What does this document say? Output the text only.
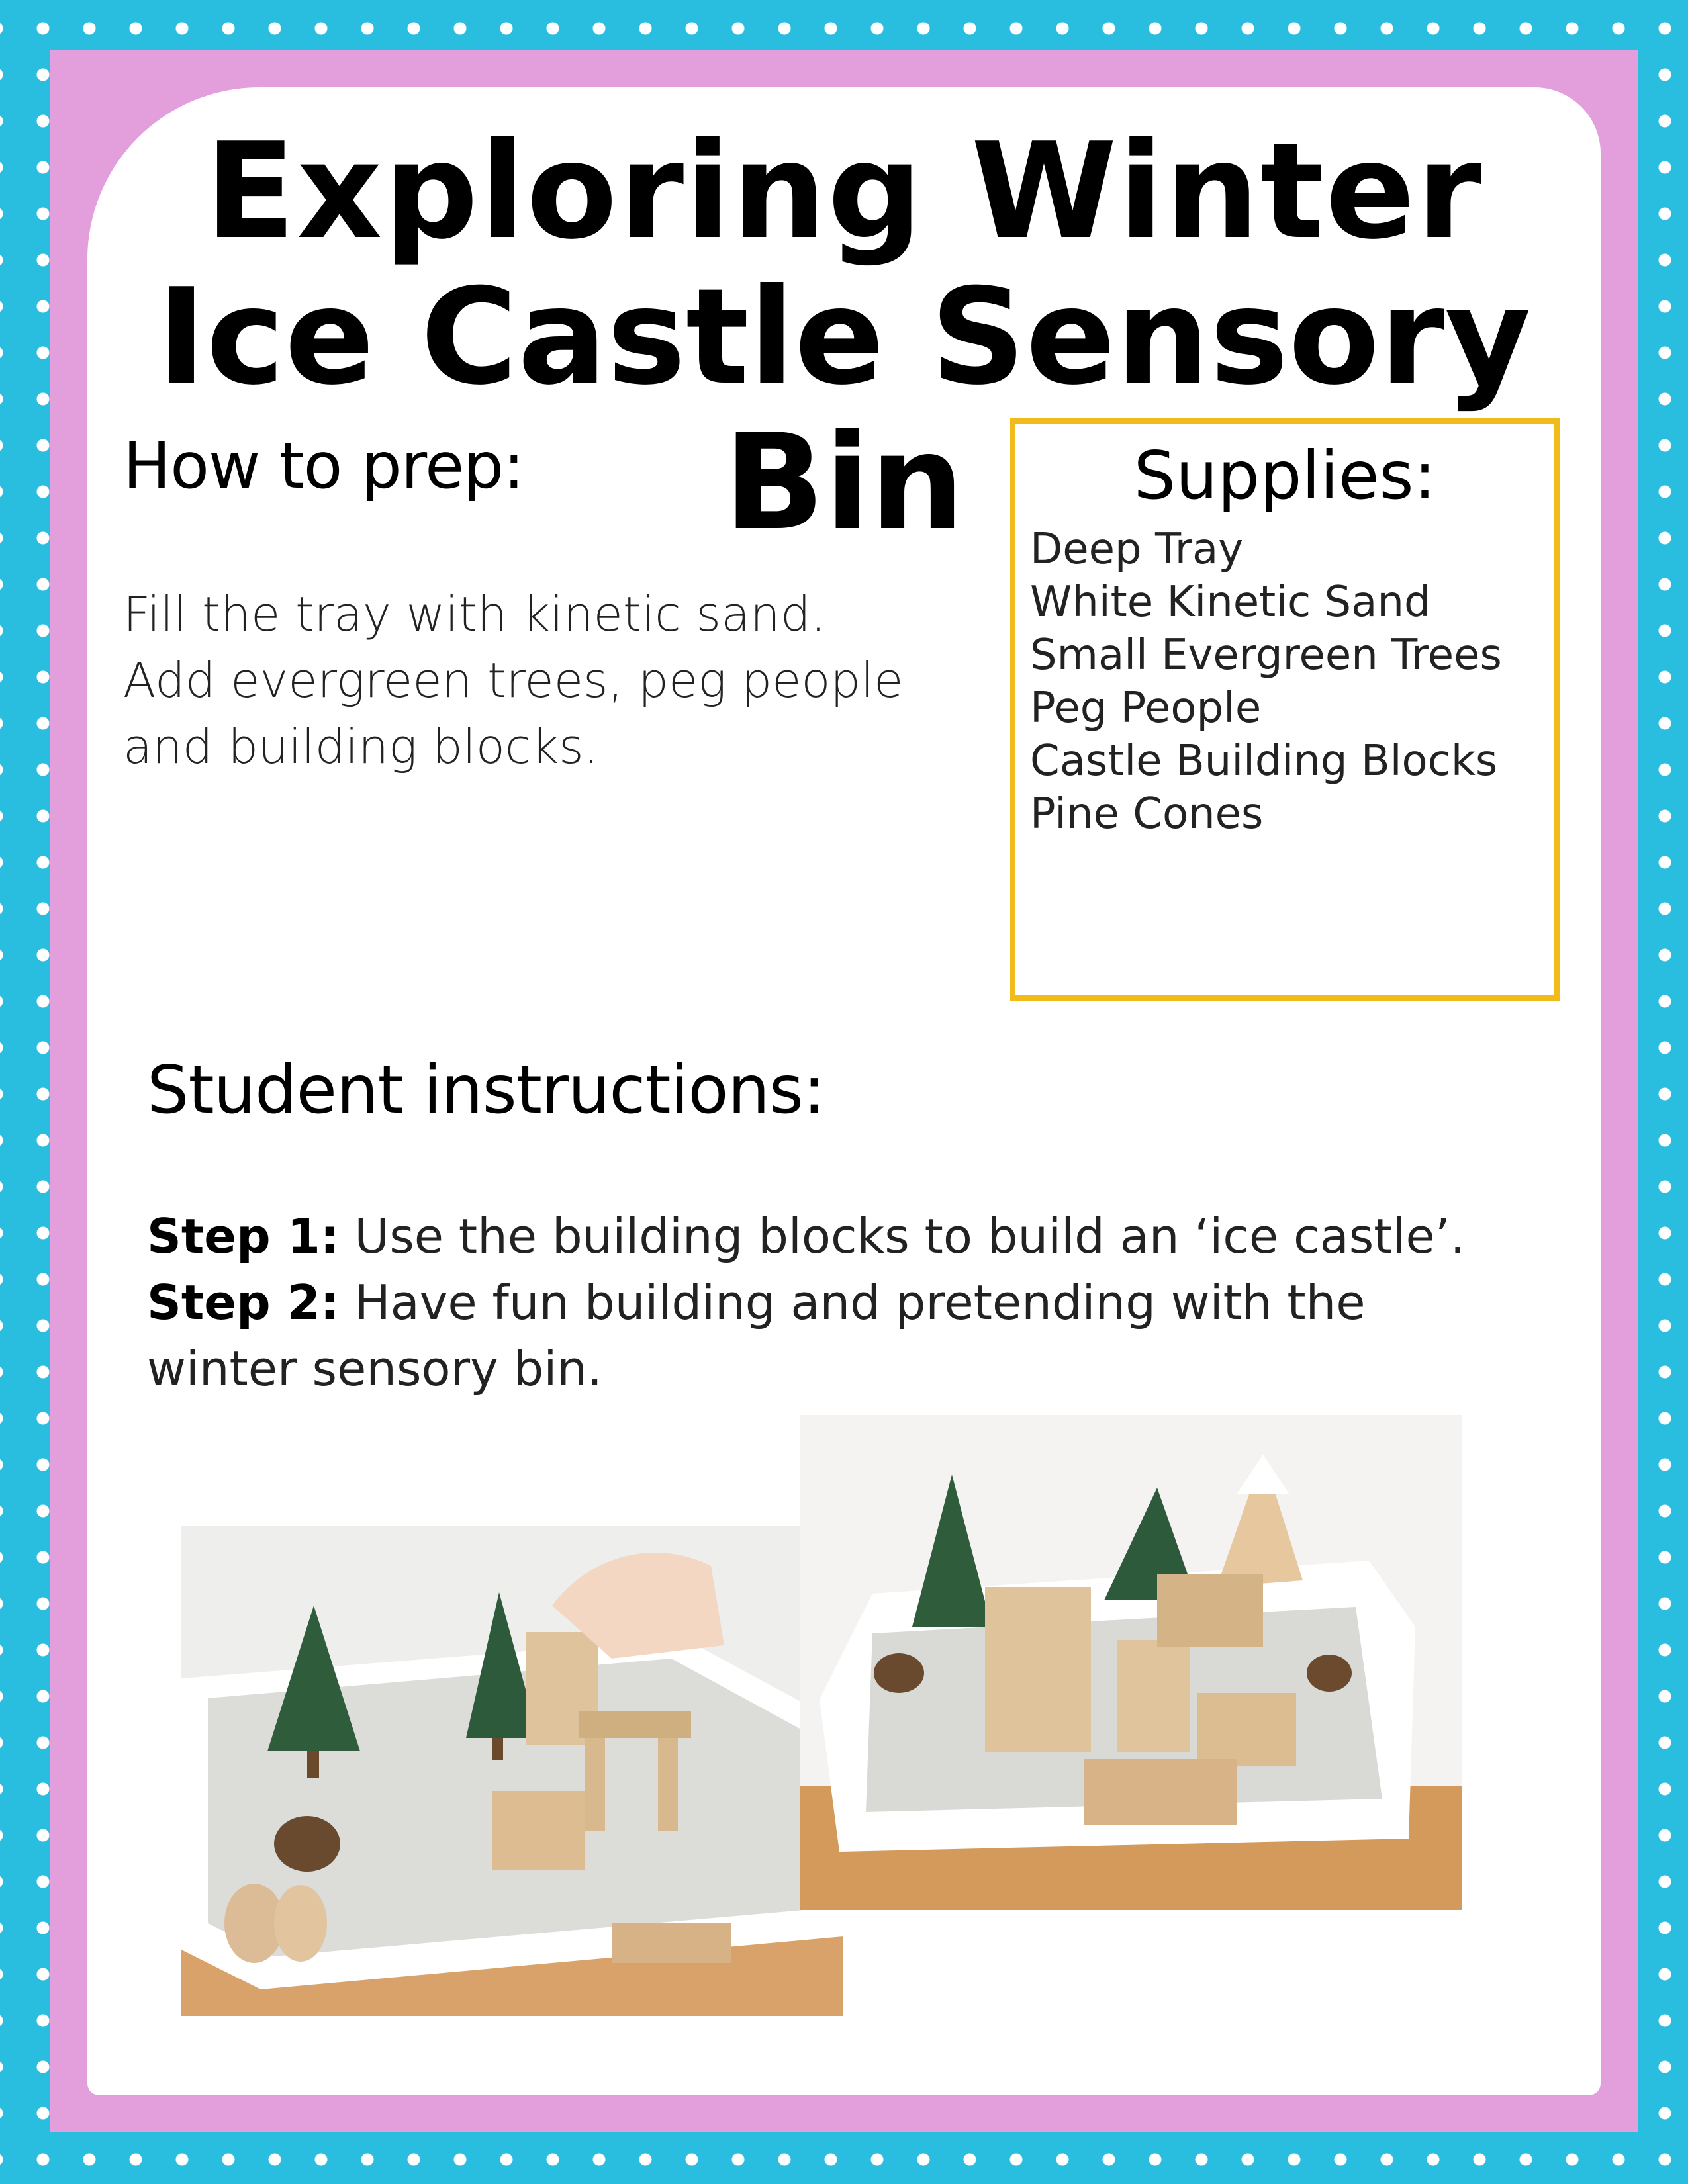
Exploring Winter
Ice Castle Sensory Bin
How to prep:
Fill the tray with kinetic sand.
Add evergreen trees, peg people
and building blocks.
Supplies:
Deep Tray
White Kinetic Sand
Small Evergreen Trees
Peg People
Castle Building Blocks
Pine Cones
Student instructions:
Step 1: Use the building blocks to build an ‘ice castle’.
Step 2: Have fun building and pretending with the winter sensory bin.
